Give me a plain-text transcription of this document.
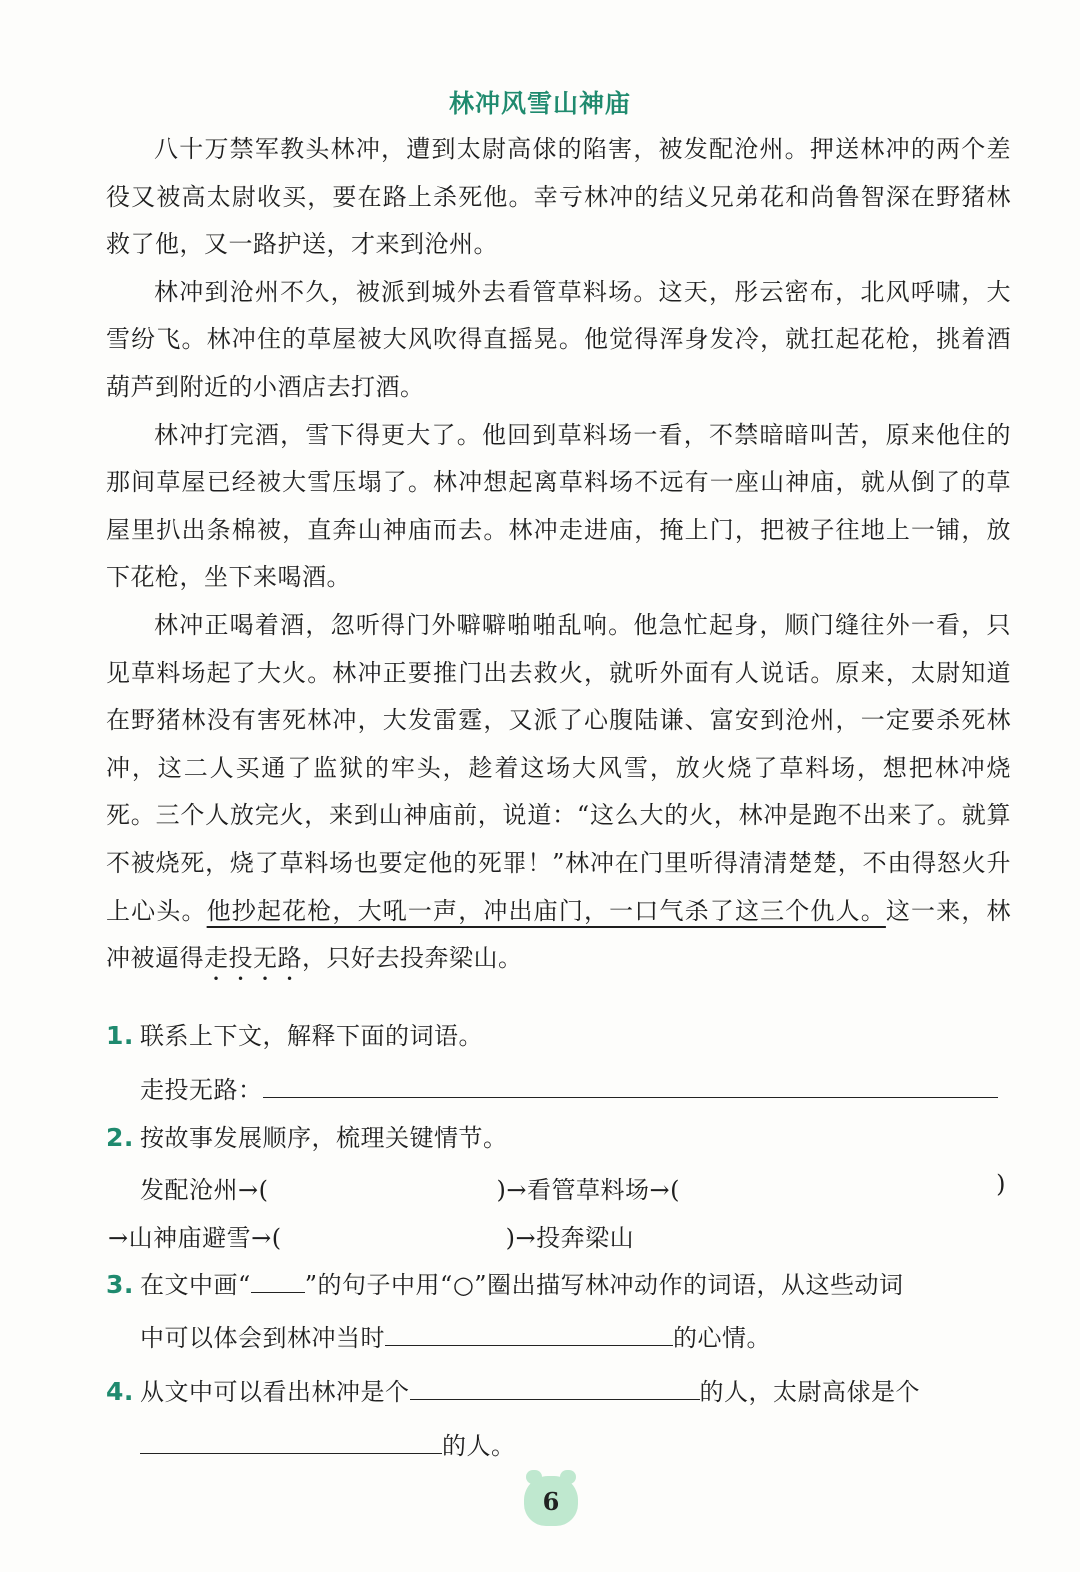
林冲风雪山神庙

八十万禁军教头林冲，遭到太尉高俅的陷害，被发配沧州。押送林冲的两个差役又被高太尉收买，要在路上杀死他。幸亏林冲的结义兄弟花和尚鲁智深在野猪林救了他，又一路护送，才来到沧州。

林冲到沧州不久，被派到城外去看管草料场。这天，彤云密布，北风呼啸，大雪纷飞。林冲住的草屋被大风吹得直摇晃。他觉得浑身发冷，就扛起花枪，挑着酒葫芦到附近的小酒店去打酒。

林冲打完酒，雪下得更大了。他回到草料场一看，不禁暗暗叫苦，原来他住的那间草屋已经被大雪压塌了。林冲想起离草料场不远有一座山神庙，就从倒了的草屋里扒出条棉被，直奔山神庙而去。林冲走进庙，掩上门，把被子往地上一铺，放下花枪，坐下来喝酒。

林冲正喝着酒，忽听得门外噼噼啪啪乱响。他急忙起身，顺门缝往外一看，只见草料场起了大火。林冲正要推门出去救火，就听外面有人说话。原来，太尉知道在野猪林没有害死林冲，大发雷霆，又派了心腹陆谦、富安到沧州，一定要杀死林冲，这二人买通了监狱的牢头，趁着这场大风雪，放火烧了草料场，想把林冲烧死。三个人放完火，来到山神庙前，说道：“这么大的火，林冲是跑不出来了。就算不被烧死，烧了草料场也要定他的死罪！”林冲在门里听得清清楚楚，不由得怒火升上心头。他抄起花枪，大吼一声，冲出庙门，一口气杀了这三个仇人。这一来，林冲被逼得走投无路，只好去投奔梁山。

1. 联系上下文，解释下面的词语。
走投无路：
2. 按故事发展顺序，梳理关键情节。
发配沧州→(	)→看管草料场→(	)
→山神庙避雪→(	)→投奔梁山
3. 在文中画“ ”的句子中用“○”圈出描写林冲动作的词语，从这些动词
中可以体会到林冲当时	的心情。
4. 从文中可以看出林冲是个	的人，太尉高俅是个
的人。
6
